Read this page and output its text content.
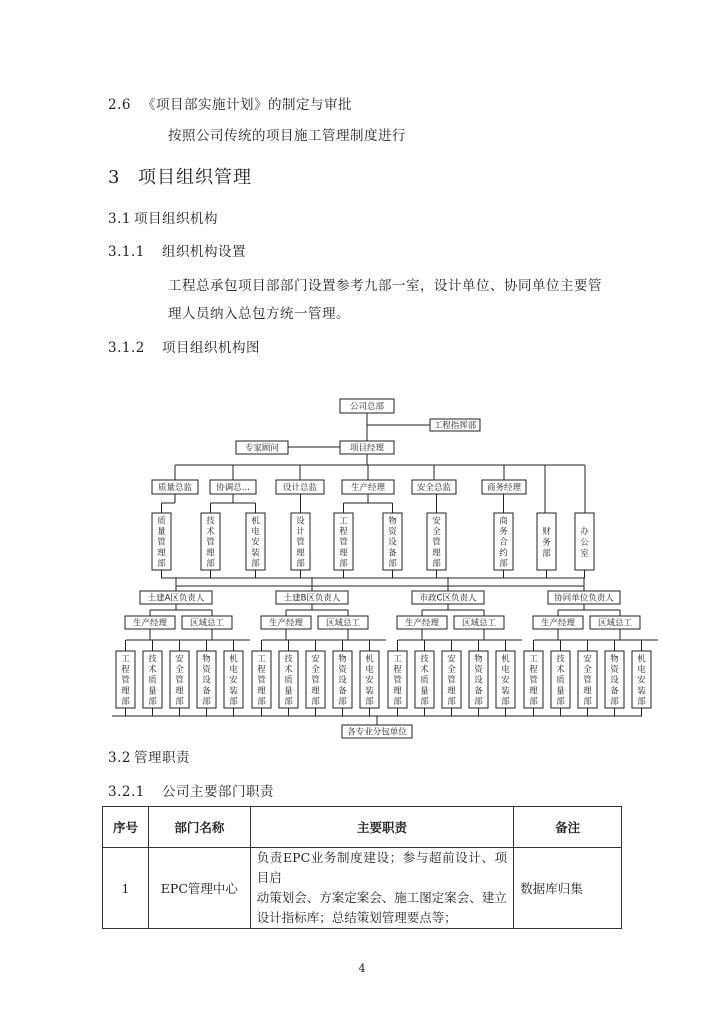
2.6 《项目部实施计划》的制定与审批
按照公司传统的项目施工管理制度进行
3 项目组织管理
3.1 项目组织机构
3.1.1 组织机构设置
工程总承包项目部部门设置参考九部一室，设计单位、协同单位主要管
理人员纳入总包方统一管理。
3.1.2 项目组织机构图
公司总部
工程指挥部
专家顾问	项目经理
质量总监	协调总...	设计总监	生产经理	安全总监	商务经理
质
量
管
理
部
技
术
管
理
部
机
电
安
装
部
设
计
管
理
部
工
程
管
理
部
物
资
设
备
部
安
全
管
理
部
商
务
合
约
部
财
务
部
办
公
室
土建A区负责人
生产经理	区域总工
工
程
管
理
部
技
术
质
量
部
安
全
管
理
部
物
资
设
备
部
机
电
安
装
部
土建B区负责人
生产经理	区域总工
工
程
管
理
部
技
术
质
量
部
安
全
管
理
部
物
资
设
备
部
机
电
安
装
部
市政C区负责人
生产经理	区域总工
工
程
管
理
部
技
术
质
量
部
安
全
管
理
部
物
资
设
备
部
机
电
安
装
部
协同单位负责人
生产经理	区域总工
工
程
管
理
部
技
术
质
量
部
安
全
管
理
部
物
资
设
备
部
机
电
安
装
部
各专业分包单位
3.2 管理职责
3.2.1 公司主要部门职责
序号	部门名称	主要职责	备注
1	EPC管理中心	负责EPC业务制度建设；参与超前设计、项目启
动策划会、方案定案会、施工图定案会、建立
设计指标库；总结策划管理要点等；	数据库归集
4
